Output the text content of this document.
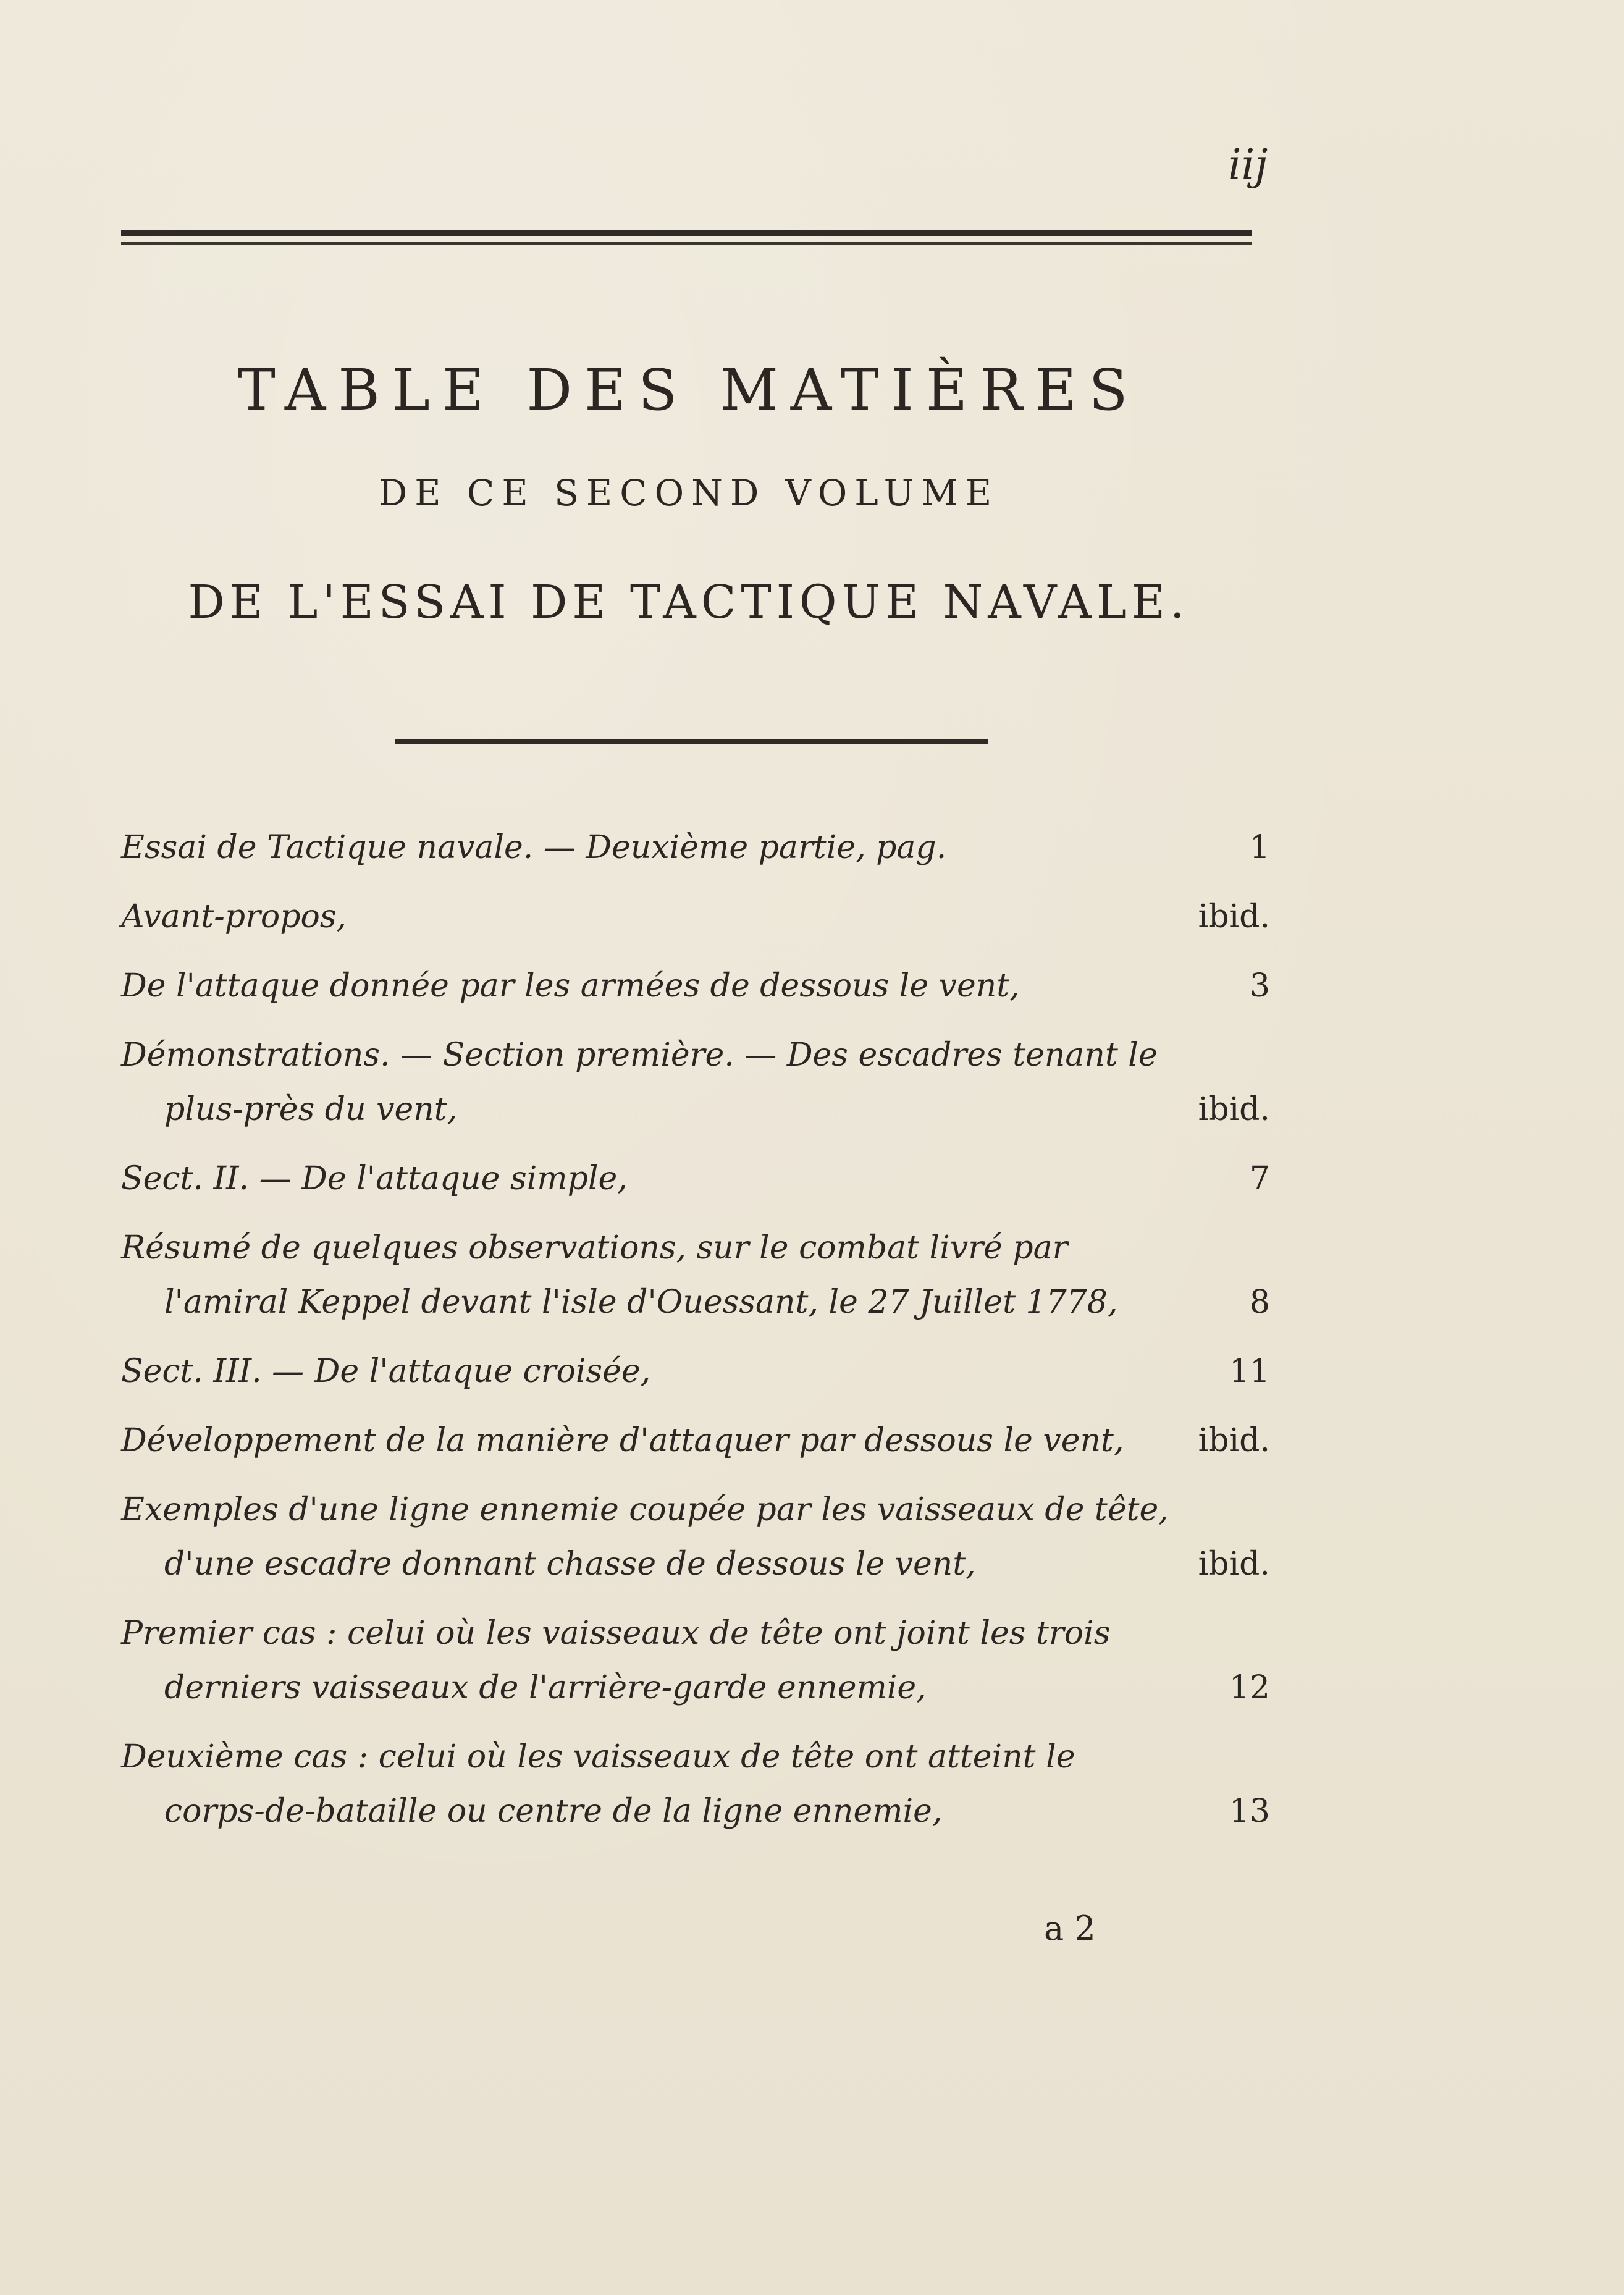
iij
TABLE DES MATIÈRES
DE CE SECOND VOLUME
DE L'ESSAI DE TACTIQUE NAVALE.
Essai de Tactique navale. — Deuxième partie, pag.	1
Avant-propos,	ibid.
De l'attaque donnée par les armées de dessous le vent,	3
Démonstrations. — Section première. — Des escadres tenant le plus-près du vent,	ibid.
Sect. II. — De l'attaque simple,	7
Résumé de quelques observations, sur le combat livré par l'amiral Keppel devant l'isle d'Ouessant, le 27 Juillet 1778,	8
Sect. III. — De l'attaque croisée,	11
Développement de la manière d'attaquer par dessous le vent, ibid.
Exemples d'une ligne ennemie coupée par les vaisseaux de tête, d'une escadre donnant chasse de dessous le vent,	ibid.
Premier cas : celui où les vaisseaux de tête ont joint les trois derniers vaisseaux de l'arrière-garde ennemie,	12
Deuxième cas : celui où les vaisseaux de tête ont atteint le corps-de-bataille ou centre de la ligne ennemie,	13
a 2
